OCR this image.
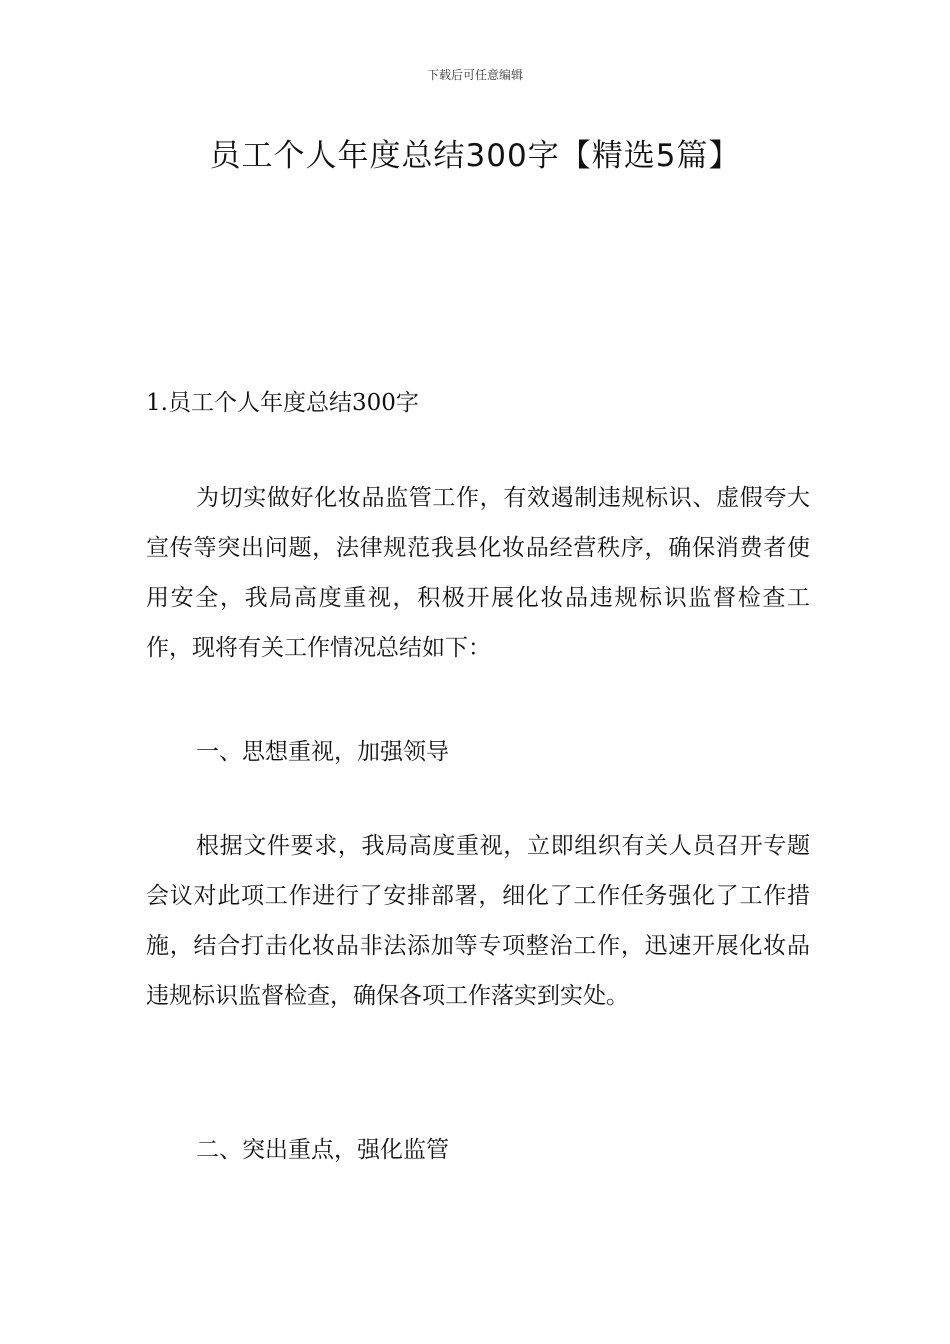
下载后可任意编辑
员工个人年度总结300字【精选5篇】
1.员工个人年度总结300字

为切实做好化妆品监管工作，有效遏制违规标识、虚假夸大宣传等突出问题，法律规范我县化妆品经营秩序，确保消费者使用安全，我局高度重视，积极开展化妆品违规标识监督检查工作，现将有关工作情况总结如下：

一、思想重视，加强领导

根据文件要求，我局高度重视，立即组织有关人员召开专题会议对此项工作进行了安排部署，细化了工作任务强化了工作措施，结合打击化妆品非法添加等专项整治工作，迅速开展化妆品违规标识监督检查，确保各项工作落实到实处。

二、突出重点，强化监管
